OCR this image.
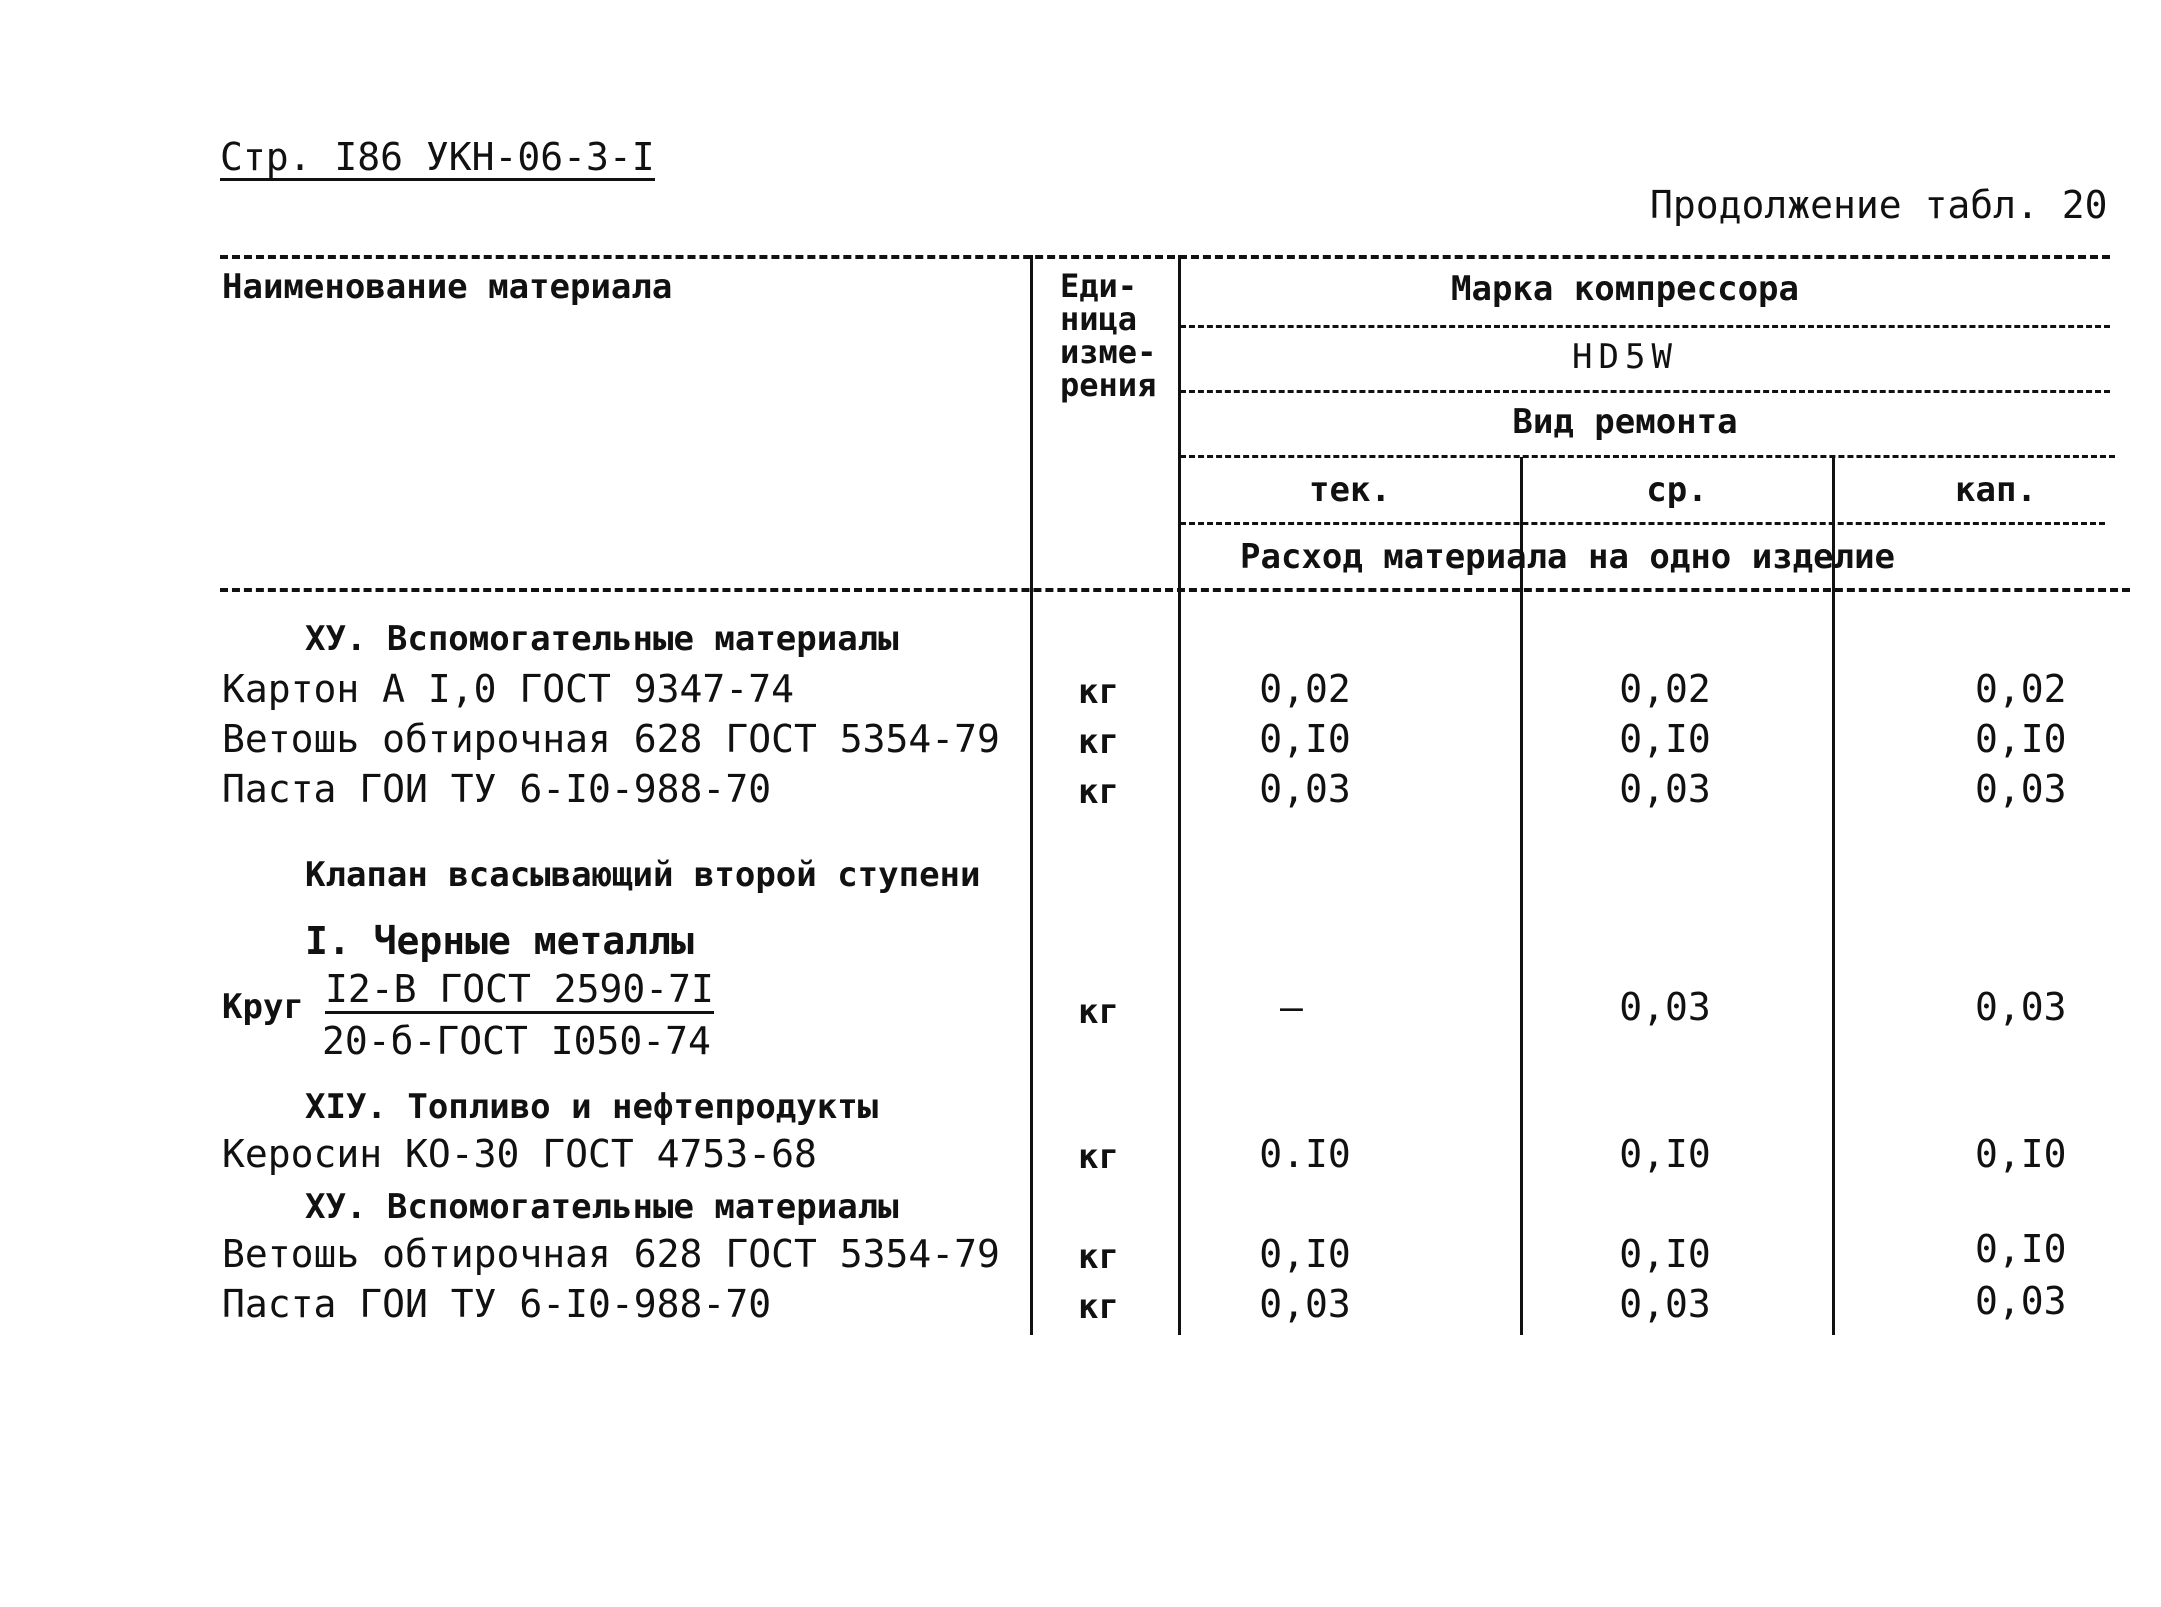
Стр. I86 УКН-06-3-I
Продолжение табл. 20
Наименование материала	Еди-
ница
изме-
рения
Марка компрессора
HD5W
Вид ремонта
тек.	ср.	кап.
Расход материала на одно изделие
ХУ. Вспомогательные материалы
Картон А I,0 ГОСТ 9347-74	кг	0,02	0,02	0,02
Ветошь обтирочная 628 ГОСТ 5354-79 кг	0,I0	0,I0	0,I0
Паста ГОИ ТУ 6-I0-988-70	кг	0,03	0,03	0,03
Клапан всасывающий второй ступени
I. Черные металлы
Круг I2-В ГОСТ 2590-7I
20-б-ГОСТ I050-74
кг	–	0,03	0,03
ХIУ. Топливо и нефтепродукты
Керосин КО-30 ГОСТ 4753-68	кг	0.I0	0,I0	0,I0
ХУ. Вспомогательные материалы
Ветошь обтирочная 628 ГОСТ 5354-79 кг	0,I0	0,I0	0,I0
Паста ГОИ ТУ 6-I0-988-70	кг	0,03	0,03	0,03
